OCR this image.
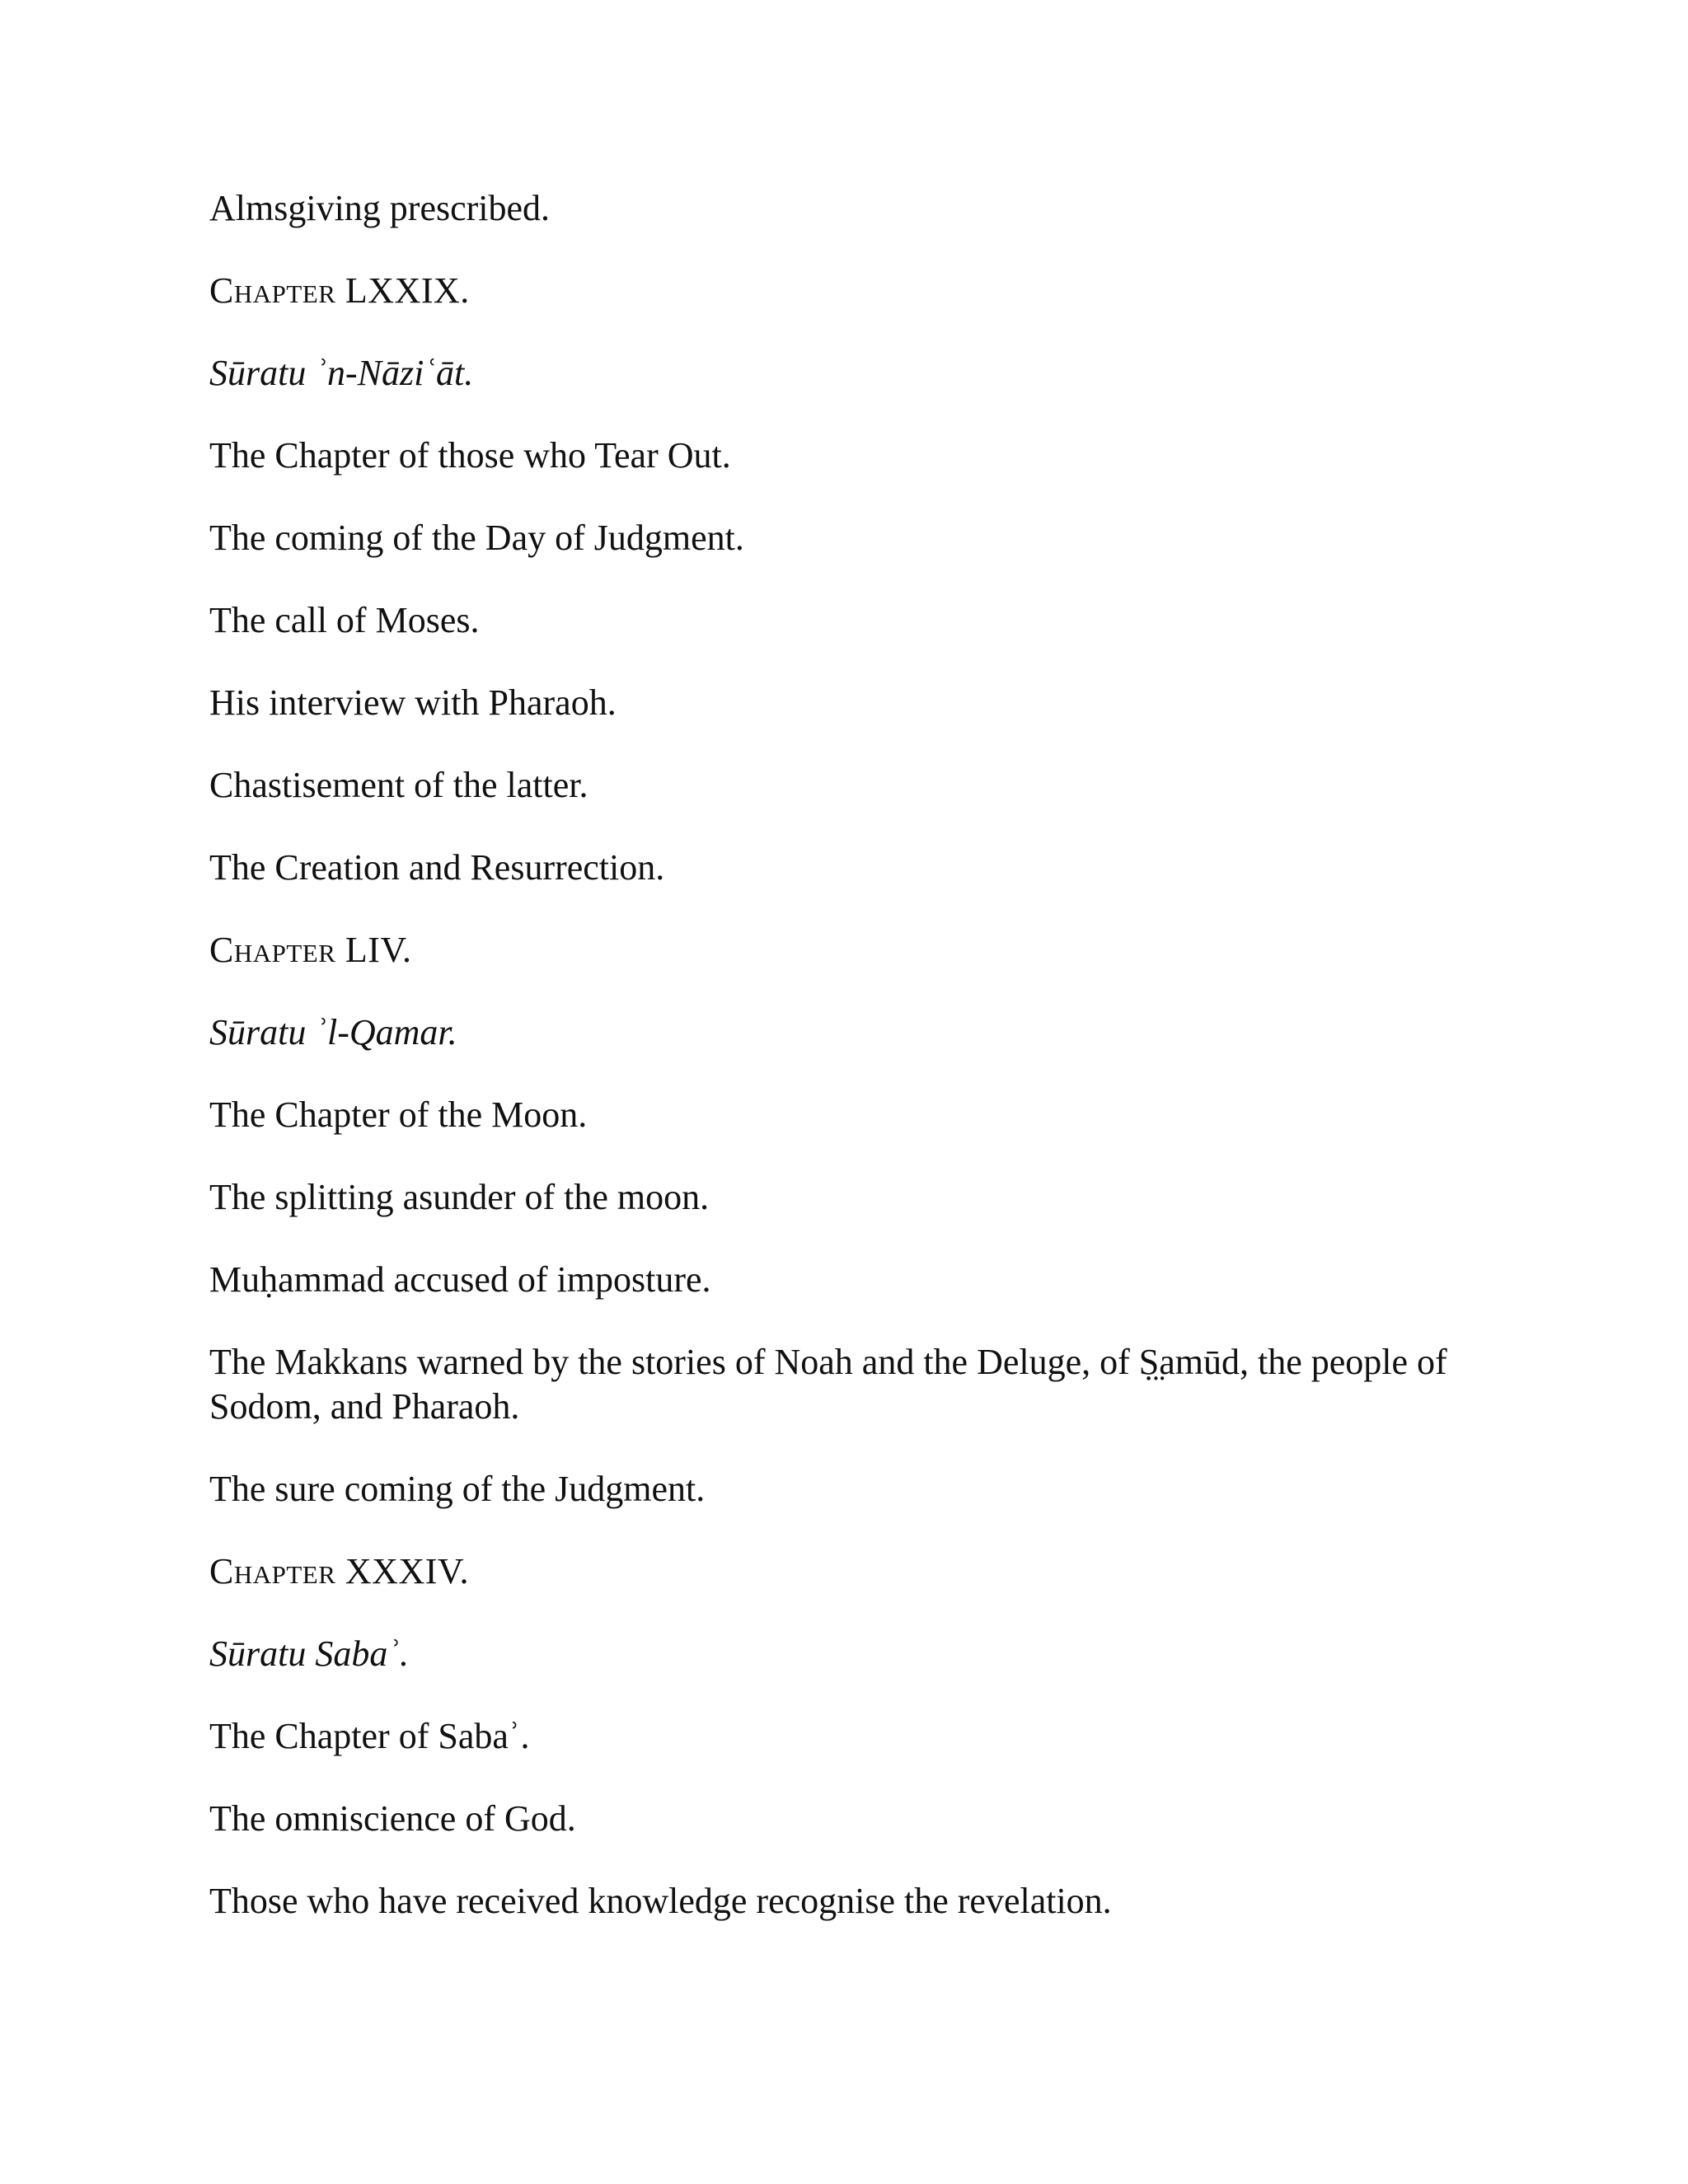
Almsgiving prescribed.

Chapter LXXIX.

Sūratu ʾn-Nāziʿāt.

The Chapter of those who Tear Out.

The coming of the Day of Judgment.

The call of Moses.

His interview with Pharaoh.

Chastisement of the latter.

The Creation and Resurrection.

Chapter LIV.

Sūratu ʾl-Qamar.

The Chapter of the Moon.

The splitting asunder of the moon.

Muḥammad accused of imposture.

The Makkans warned by the stories of Noah and the Deluge, of Ṣ̤amūd, the people of Sodom, and Pharaoh.

The sure coming of the Judgment.

Chapter XXXIV.

Sūratu Sabaʾ.

The Chapter of Sabaʾ.

The omniscience of God.

Those who have received knowledge recognise the revelation.
